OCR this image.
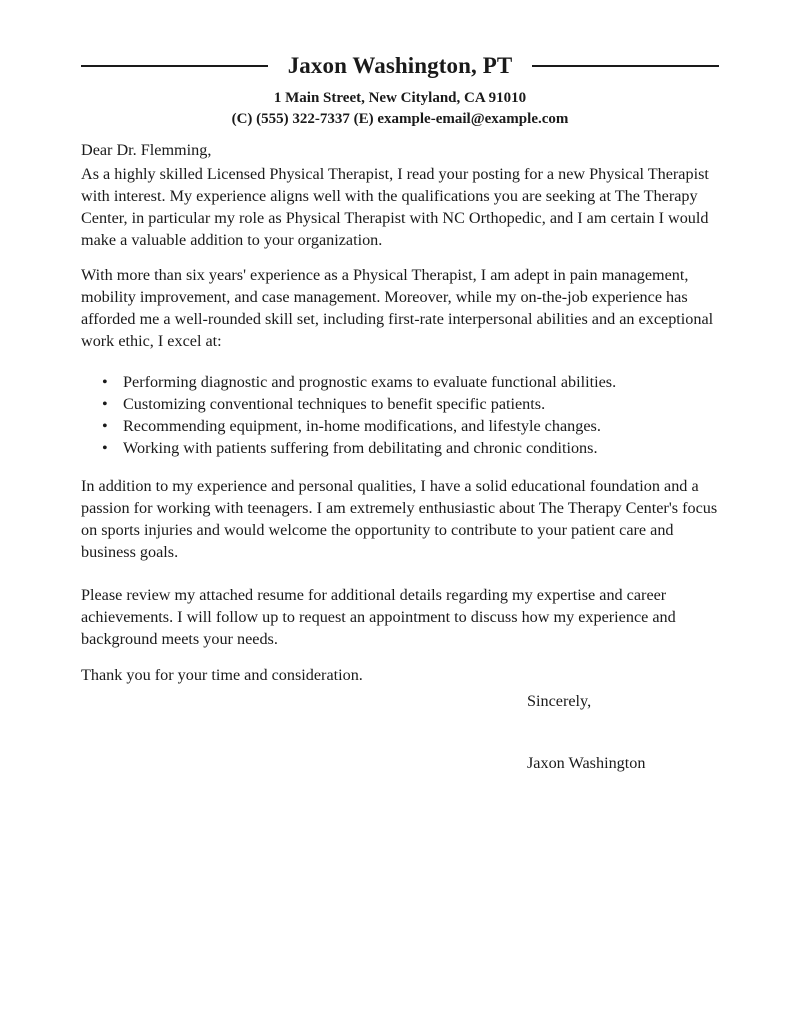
Jaxon Washington, PT
1 Main Street, New Cityland, CA 91010
(C) (555) 322-7337 (E) example-email@example.com

Dear Dr. Flemming,

As a highly skilled Licensed Physical Therapist, I read your posting for a new Physical Therapist with interest. My experience aligns well with the qualifications you are seeking at The Therapy Center, in particular my role as Physical Therapist with NC Orthopedic, and I am certain I would make a valuable addition to your organization.

With more than six years' experience as a Physical Therapist, I am adept in pain management, mobility improvement, and case management. Moreover, while my on-the-job experience has afforded me a well-rounded skill set, including first-rate interpersonal abilities and an exceptional work ethic, I excel at:

• Performing diagnostic and prognostic exams to evaluate functional abilities.
• Customizing conventional techniques to benefit specific patients.
• Recommending equipment, in-home modifications, and lifestyle changes.
• Working with patients suffering from debilitating and chronic conditions.

In addition to my experience and personal qualities, I have a solid educational foundation and a passion for working with teenagers. I am extremely enthusiastic about The Therapy Center's focus on sports injuries and would welcome the opportunity to contribute to your patient care and business goals.

Please review my attached resume for additional details regarding my expertise and career achievements. I will follow up to request an appointment to discuss how my experience and background meets your needs.

Thank you for your time and consideration.

Sincerely,
Jaxon Washington
